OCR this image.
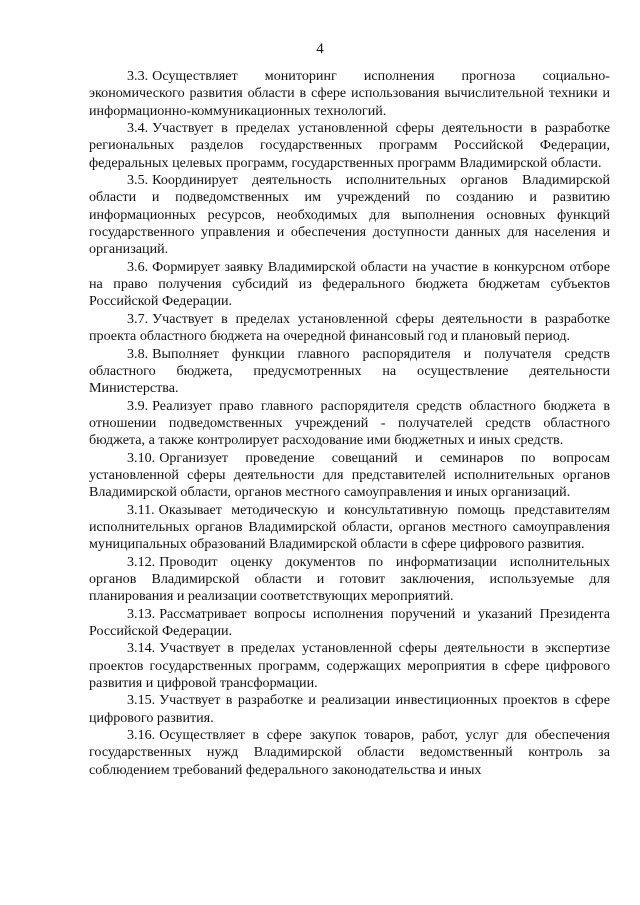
4

3.3. Осуществляет мониторинг исполнения прогноза социально-экономического развития области в сфере использования вычислительной техники и информационно-коммуникационных технологий.

3.4. Участвует в пределах установленной сферы деятельности в разработке региональных разделов государственных программ Российской Федерации, федеральных целевых программ, государственных программ Владимирской области.

3.5. Координирует деятельность исполнительных органов Владимирской области и подведомственных им учреждений по созданию и развитию информационных ресурсов, необходимых для выполнения основных функций государственного управления и обеспечения доступности данных для населения и организаций.

3.6. Формирует заявку Владимирской области на участие в конкурсном отборе на право получения субсидий из федерального бюджета бюджетам субъектов Российской Федерации.

3.7. Участвует в пределах установленной сферы деятельности в разработке проекта областного бюджета на очередной финансовый год и плановый период.

3.8. Выполняет функции главного распорядителя и получателя средств областного бюджета, предусмотренных на осуществление деятельности Министерства.

3.9. Реализует право главного распорядителя средств областного бюджета в отношении подведомственных учреждений - получателей средств областного бюджета, а также контролирует расходование ими бюджетных и иных средств.

3.10. Организует проведение совещаний и семинаров по вопросам установленной сферы деятельности для представителей исполнительных органов Владимирской области, органов местного самоуправления и иных организаций.

3.11. Оказывает методическую и консультативную помощь представителям исполнительных органов Владимирской области, органов местного самоуправления муниципальных образований Владимирской области в сфере цифрового развития.

3.12. Проводит оценку документов по информатизации исполнительных органов Владимирской области и готовит заключения, используемые для планирования и реализации соответствующих мероприятий.

3.13. Рассматривает вопросы исполнения поручений и указаний Президента Российской Федерации.

3.14. Участвует в пределах установленной сферы деятельности в экспертизе проектов государственных программ, содержащих мероприятия в сфере цифрового развития и цифровой трансформации.

3.15. Участвует в разработке и реализации инвестиционных проектов в сфере цифрового развития.

3.16. Осуществляет в сфере закупок товаров, работ, услуг для обеспечения государственных нужд Владимирской области ведомственный контроль за соблюдением требований федерального законодательства и иных
